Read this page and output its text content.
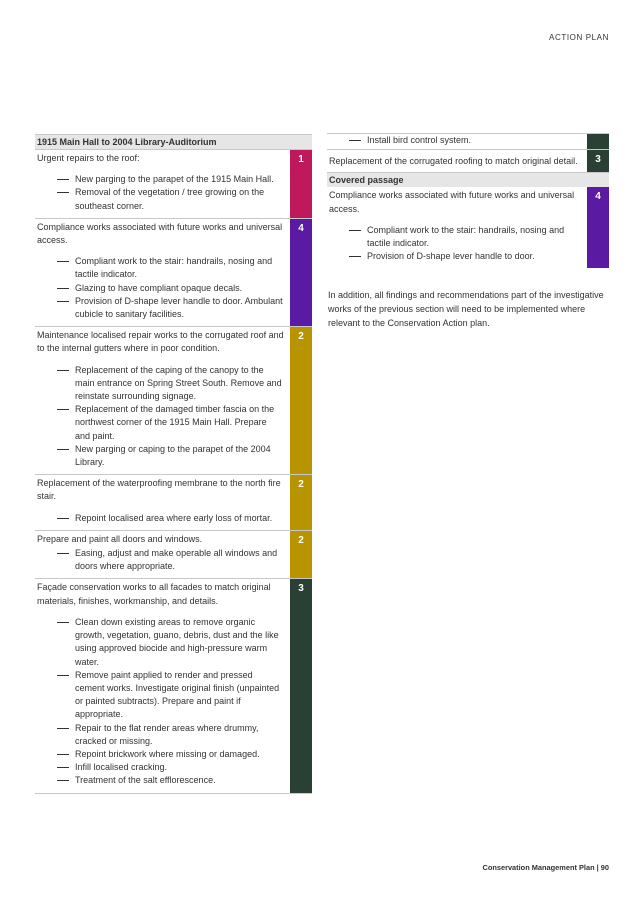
ACTION PLAN
1915 Main Hall to 2004 Library-Auditorium
Urgent repairs to the roof:
New parging to the parapet of the 1915 Main Hall.
Removal of the vegetation / tree growing on the southeast corner.
1
Compliance works associated with future works and universal access.
Compliant work to the stair: handrails, nosing and tactile indicator.
Glazing to have compliant opaque decals.
Provision of D-shape lever handle to door. Ambulant cubicle to sanitary facilities.
4
Maintenance localised repair works to the corrugated roof and to the internal gutters where in poor condition.
Replacement of the caping of the canopy to the main entrance on Spring Street South. Remove and reinstate surrounding signage.
Replacement of the damaged timber fascia on the northwest corner of the 1915 Main Hall. Prepare and paint.
New parging or caping to the parapet of the 2004 Library.
2
Replacement of the waterproofing membrane to the north fire stair.
Repoint localised area where early loss of mortar.
2
Prepare and paint all doors and windows.
Easing, adjust and make operable all windows and doors where appropriate.
2
Façade conservation works to all facades to match original materials, finishes, workmanship, and details.
Clean down existing areas to remove organic growth, vegetation, guano, debris, dust and the like using approved biocide and high-pressure warm water.
Remove paint applied to render and pressed cement works. Investigate original finish (unpainted or painted subtracts). Prepare and paint if appropriate.
Repair to the flat render areas where drummy, cracked or missing.
Repoint brickwork where missing or damaged.
Infill localised cracking.
Treatment of the salt efflorescence.
3
Install bird control system.
Replacement of the corrugated roofing to match original detail.	3
Covered passage
Compliance works associated with future works and universal access.
Compliant work to the stair: handrails, nosing and tactile indicator.
Provision of D-shape lever handle to door.
4
In addition, all findings and recommendations part of the investigative works of the previous section will need to be implemented where relevant to the Conservation Action plan.
Conservation Management Plan | 90
